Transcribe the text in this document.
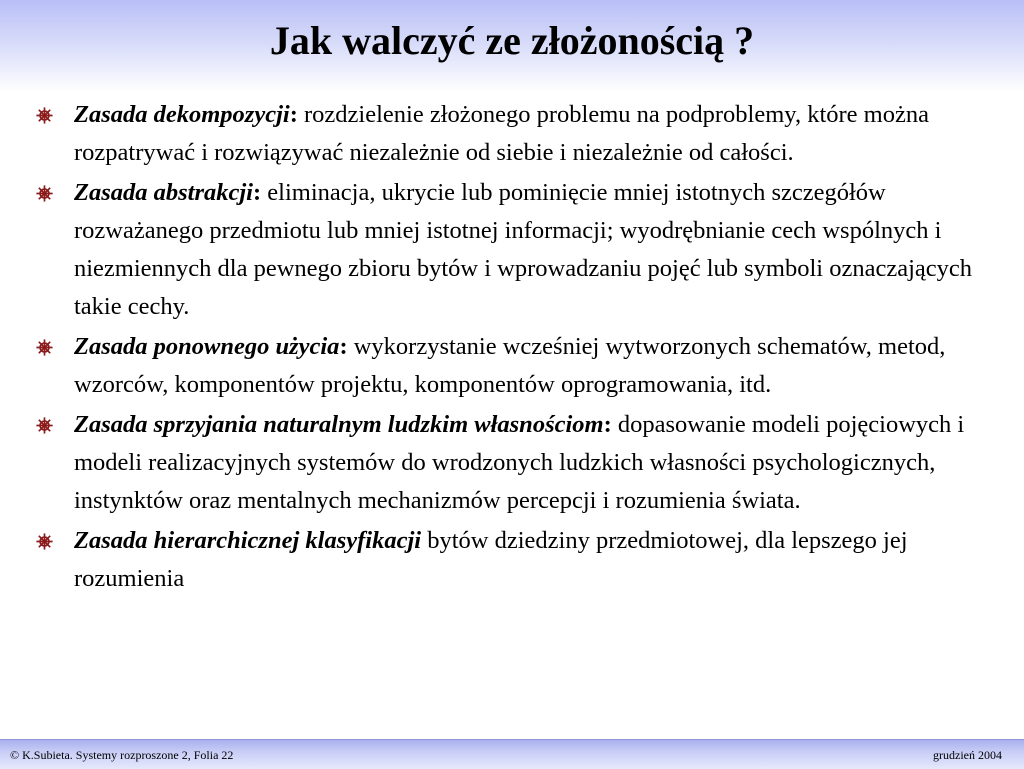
Jak walczyć ze złożonością ?
Zasada dekompozycji: rozdzielenie złożonego problemu na podproblemy, które można rozpatrywać i rozwiązywać niezależnie od siebie i niezależnie od całości.
Zasada abstrakcji: eliminacja, ukrycie lub pominięcie mniej istotnych szczegółów rozważanego przedmiotu lub mniej istotnej informacji; wyodrębnianie cech wspólnych i niezmiennych dla pewnego zbioru bytów i wprowadzaniu pojęć lub symboli oznaczających takie cechy.
Zasada ponownego użycia: wykorzystanie wcześniej wytworzonych schematów, metod, wzorców, komponentów projektu, komponentów oprogramowania, itd.
Zasada sprzyjania naturalnym ludzkim własnościom: dopasowanie modeli pojęciowych i modeli realizacyjnych systemów do wrodzonych ludzkich własności psychologicznych, instynktów oraz mentalnych mechanizmów percepcji i rozumienia świata.
Zasada hierarchicznej klasyfikacji bytów dziedziny przedmiotowej, dla lepszego jej rozumienia
© K.Subieta. Systemy rozproszone 2, Folia 22	grudzień 2004
